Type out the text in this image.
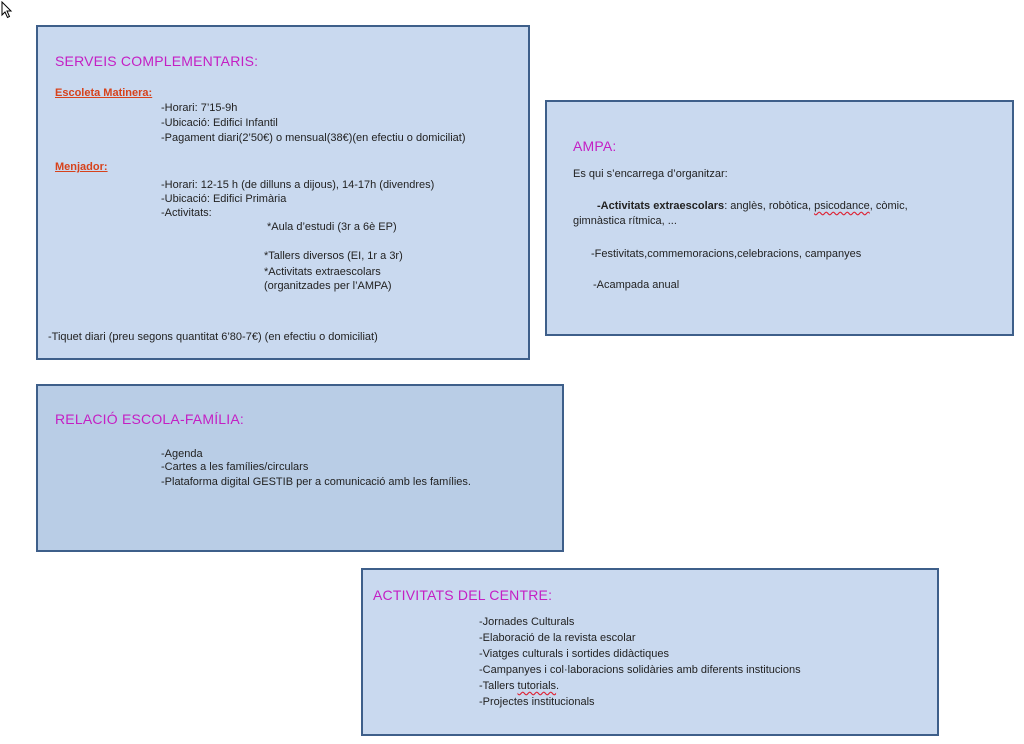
SERVEIS COMPLEMENTARIS:
Escoleta Matinera:
-Horari: 7’15-9h
-Ubicació: Edifici Infantil
-Pagament diari(2’50€) o mensual(38€)(en efectiu o domiciliat)
Menjador:
-Horari: 12-15 h (de dilluns a dijous), 14-17h (divendres)
-Ubicació: Edifici Primària
-Activitats:
*Aula d’estudi (3r a 6è EP)
*Tallers diversos (EI, 1r a 3r)
*Activitats extraescolars
(organitzades per l’AMPA)
-Tiquet diari (preu segons quantitat 6’80-7€) (en efectiu o domiciliat)
AMPA:
Es qui s’encarrega d’organitzar:
-Activitats extraescolars: anglès, robòtica, psicodance, còmic,
gimnàstica rítmica, ...
-Festivitats,commemoracions,celebracions, campanyes
-Acampada anual
RELACIÓ ESCOLA-FAMÍLIA:
-Agenda
-Cartes a les famílies/circulars
-Plataforma digital GESTIB per a comunicació amb les famílies.
ACTIVITATS DEL CENTRE:
-Jornades Culturals
-Elaboració de la revista escolar
-Viatges culturals i sortides didàctiques
-Campanyes i col·laboracions solidàries amb diferents institucions
-Tallers tutorials.
-Projectes institucionals
